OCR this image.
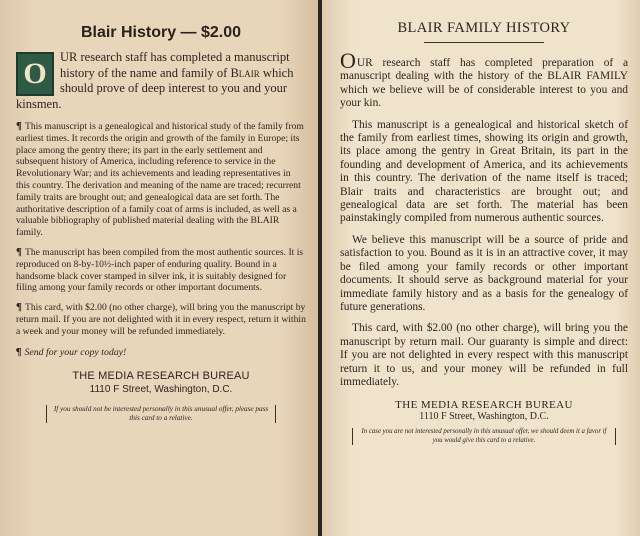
Blair History — $2.00
O UR research staff has completed a manuscript history of the name and family of Blair which should prove of deep interest to you and your kinsmen.
¶ This manuscript is a genealogical and historical study of the family from earliest times. It records the origin and growth of the family in Europe; its place among the gentry there; its part in the early settlement and subsequent history of America, including reference to service in the Revolutionary War; and its achievements and leading representatives in this country. The derivation and meaning of the name are traced; recurrent family traits are brought out; and genealogical data are set forth. The authoritative description of a family coat of arms is included, as well as a valuable bibliography of published material dealing with the BLAIR family.
¶ The manuscript has been compiled from the most authentic sources. It is reproduced on 8-by-10½-inch paper of enduring quality. Bound in a handsome black cover stamped in silver ink, it is suitably designed for filing among your family records or other important documents.
¶ This card, with $2.00 (no other charge), will bring you the manuscript by return mail. If you are not delighted with it in every respect, return it within a week and your money will be refunded immediately.
¶ Send for your copy today!
THE MEDIA RESEARCH BUREAU
1110 F Street, Washington, D.C.
If you should not be interested personally in this unusual offer, please pass this card to a relative.
BLAIR FAMILY HISTORY
OUR research staff has completed preparation of a manuscript dealing with the history of the BLAIR FAMILY which we believe will be of considerable interest to you and your kin.
This manuscript is a genealogical and historical sketch of the family from earliest times, showing its origin and growth, its place among the gentry in Great Britain, its part in the founding and development of America, and its achievements in this country. The derivation of the name itself is traced; Blair traits and characteristics are brought out; and genealogical data are set forth. The material has been painstakingly compiled from numerous authentic sources.
We believe this manuscript will be a source of pride and satisfaction to you. Bound as it is in an attractive cover, it may be filed among your family records or other important documents. It should serve as background material for your immediate family history and as a basis for the genealogy of future generations.
This card, with $2.00 (no other charge), will bring you the manuscript by return mail. Our guaranty is simple and direct: If you are not delighted in every respect with this manuscript return it to us, and your money will be refunded in full immediately.
THE MEDIA RESEARCH BUREAU
1110 F Street, Washington, D.C.
In case you are not interested personally in this unusual offer, we should deem it a favor if you would give this card to a relative.
